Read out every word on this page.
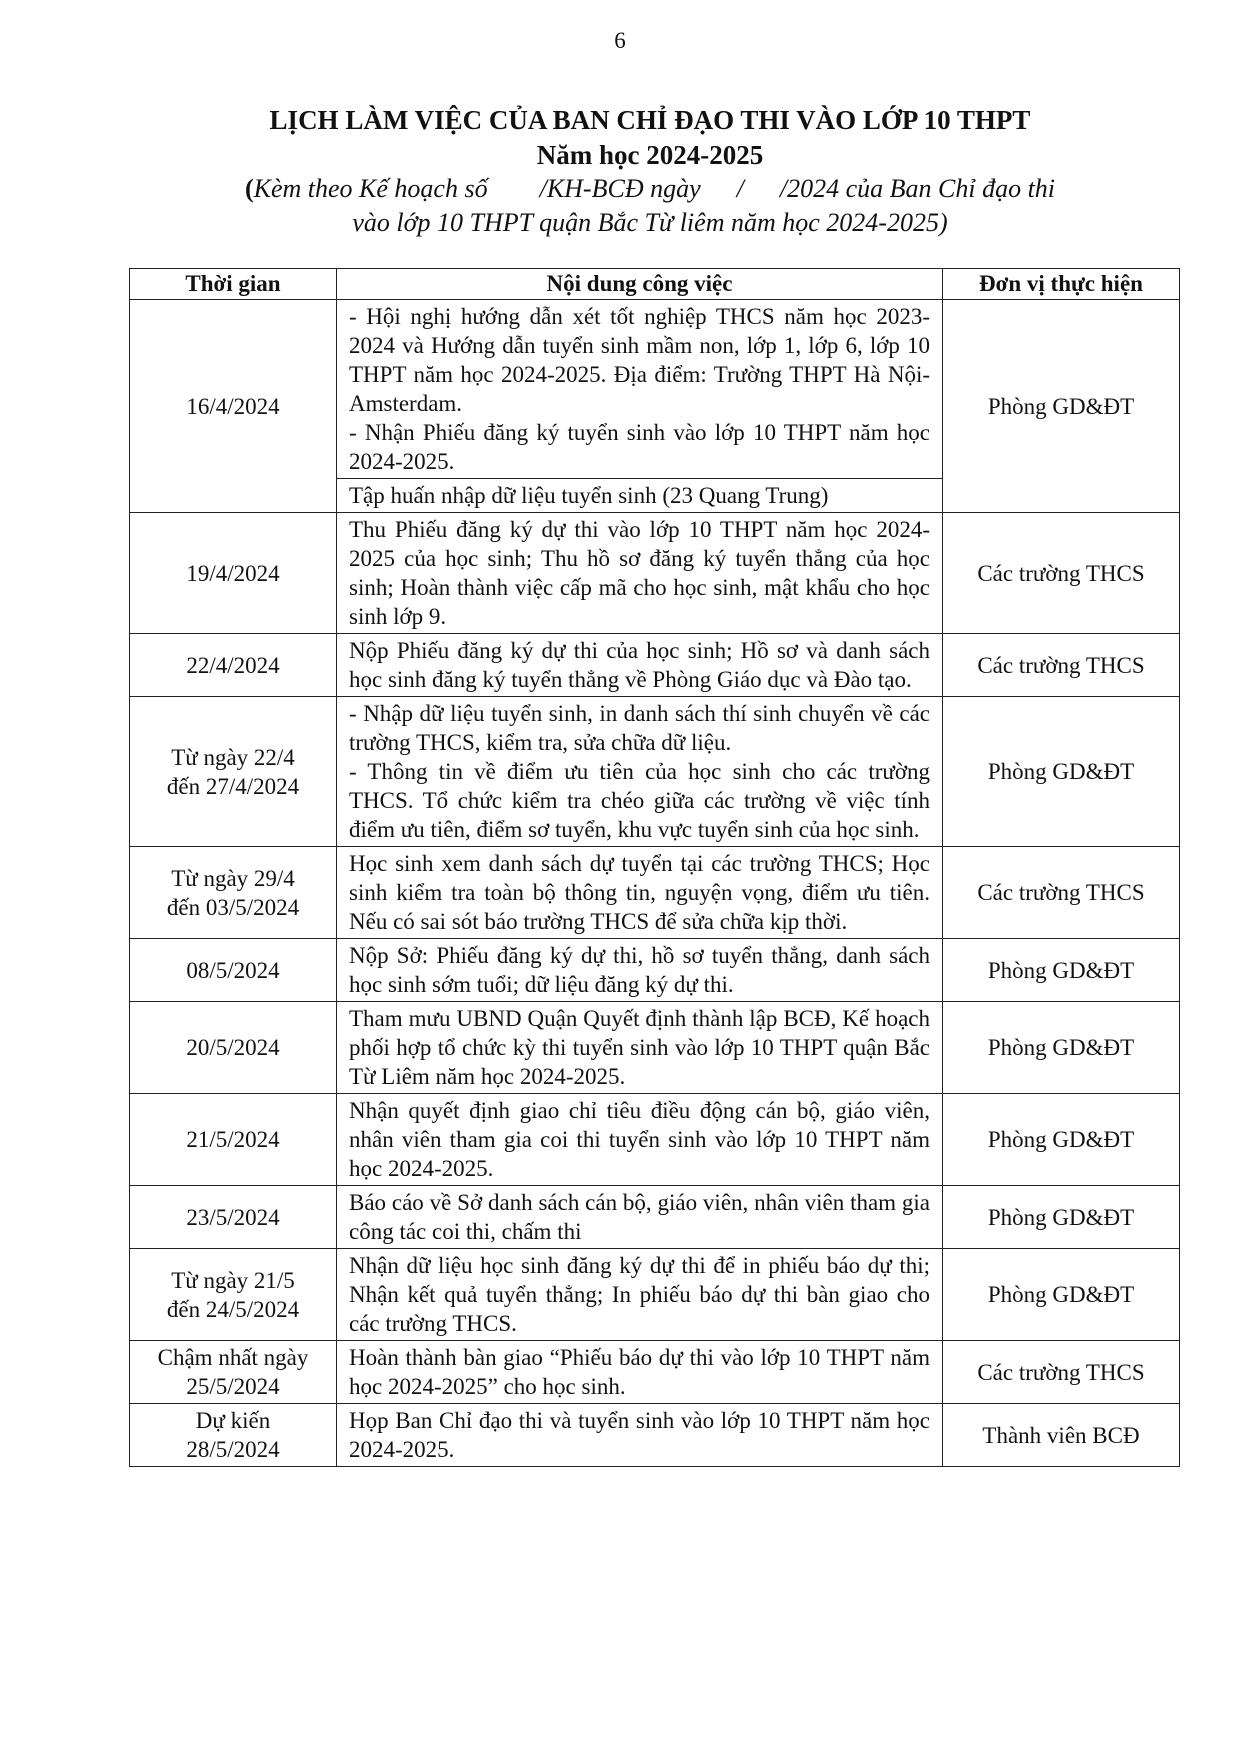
6
LỊCH LÀM VIỆC CỦA BAN CHỈ ĐẠO THI VÀO LỚP 10 THPT
Năm học 2024-2025
(Kèm theo Kế hoạch số /KH-BCĐ ngày / /2024 của Ban Chỉ đạo thi
vào lớp 10 THPT quận Bắc Từ liêm năm học 2024-2025)
Thời gian	Nội dung công việc	Đơn vị thực hiện
16/4/2024	- Hội nghị hướng dẫn xét tốt nghiệp THCS năm học 2023-2024 và Hướng dẫn tuyển sinh mầm non, lớp 1, lớp 6, lớp 10 THPT năm học 2024-2025. Địa điểm: Trường THPT Hà Nội-Amsterdam.
- Nhận Phiếu đăng ký tuyển sinh vào lớp 10 THPT năm học 2024-2025.	Phòng GD&ĐT
	Tập huấn nhập dữ liệu tuyển sinh (23 Quang Trung)	
19/4/2024	Thu Phiếu đăng ký dự thi vào lớp 10 THPT năm học 2024-2025 của học sinh; Thu hồ sơ đăng ký tuyển thẳng của học sinh; Hoàn thành việc cấp mã cho học sinh, mật khẩu cho học sinh lớp 9.	Các trường THCS
22/4/2024	Nộp Phiếu đăng ký dự thi của học sinh; Hồ sơ và danh sách học sinh đăng ký tuyển thẳng về Phòng Giáo dục và Đào tạo.	Các trường THCS
Từ ngày 22/4
đến 27/4/2024	- Nhập dữ liệu tuyển sinh, in danh sách thí sinh chuyển về các trường THCS, kiểm tra, sửa chữa dữ liệu.
- Thông tin về điểm ưu tiên của học sinh cho các trường THCS. Tổ chức kiểm tra chéo giữa các trường về việc tính điểm ưu tiên, điểm sơ tuyển, khu vực tuyển sinh của học sinh.	Phòng GD&ĐT
Từ ngày 29/4
đến 03/5/2024	Học sinh xem danh sách dự tuyển tại các trường THCS; Học sinh kiểm tra toàn bộ thông tin, nguyện vọng, điểm ưu tiên. Nếu có sai sót báo trường THCS để sửa chữa kịp thời.	Các trường THCS
08/5/2024	Nộp Sở: Phiếu đăng ký dự thi, hồ sơ tuyển thẳng, danh sách học sinh sớm tuổi; dữ liệu đăng ký dự thi.	Phòng GD&ĐT
20/5/2024	Tham mưu UBND Quận Quyết định thành lập BCĐ, Kế hoạch phối hợp tổ chức kỳ thi tuyển sinh vào lớp 10 THPT quận Bắc Từ Liêm năm học 2024-2025.	Phòng GD&ĐT
21/5/2024	Nhận quyết định giao chỉ tiêu điều động cán bộ, giáo viên, nhân viên tham gia coi thi tuyển sinh vào lớp 10 THPT năm học 2024-2025.	Phòng GD&ĐT
23/5/2024	Báo cáo về Sở danh sách cán bộ, giáo viên, nhân viên tham gia công tác coi thi, chấm thi	Phòng GD&ĐT
Từ ngày 21/5
đến 24/5/2024	Nhận dữ liệu học sinh đăng ký dự thi để in phiếu báo dự thi; Nhận kết quả tuyển thẳng; In phiếu báo dự thi bàn giao cho các trường THCS.	Phòng GD&ĐT
Chậm nhất ngày
25/5/2024	Hoàn thành bàn giao “Phiếu báo dự thi vào lớp 10 THPT năm học 2024-2025” cho học sinh.	Các trường THCS
Dự kiến
28/5/2024	Họp Ban Chỉ đạo thi và tuyển sinh vào lớp 10 THPT năm học 2024-2025.	Thành viên BCĐ
